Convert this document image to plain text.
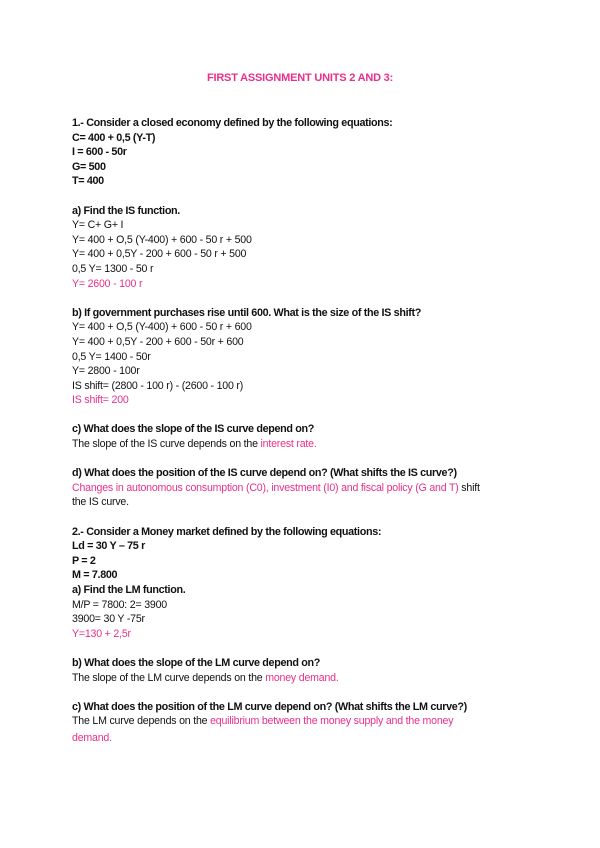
FIRST ASSIGNMENT UNITS 2 AND 3:
1.- Consider a closed economy defined by the following equations:
C= 400 + 0,5 (Y-T)
I = 600 - 50r
G= 500
T= 400
a) Find the IS function.
Y= C+ G+ I
Y= 400 + O,5 (Y-400) + 600 - 50 r + 500
Y= 400 + 0,5Y - 200 + 600 - 50 r + 500
0,5 Y= 1300 - 50 r
Y= 2600 - 100 r
b) If government purchases rise until 600. What is the size of the IS shift?
Y= 400 + O,5 (Y-400) + 600 - 50 r + 600
Y= 400 + 0,5Y - 200 + 600 - 50r + 600
0,5 Y= 1400 - 50r
Y= 2800 - 100r
IS shift= (2800 - 100 r) - (2600 - 100 r)
IS shift= 200
c) What does the slope of the IS curve depend on?
The slope of the IS curve depends on the interest rate.
d) What does the position of the IS curve depend on? (What shifts the IS curve?)
Changes in autonomous consumption (C0), investment (I0) and fiscal policy (G and T) shift
the IS curve.
2.- Consider a Money market defined by the following equations:
Ld = 30 Y – 75 r
P = 2
M = 7.800
a) Find the LM function.
M/P = 7800: 2= 3900
3900= 30 Y -75r
Y=130 + 2,5r
b) What does the slope of the LM curve depend on?
The slope of the LM curve depends on the money demand.
c) What does the position of the LM curve depend on? (What shifts the LM curve?)
The LM curve depends on the equilibrium between the money supply and the money
demand.
